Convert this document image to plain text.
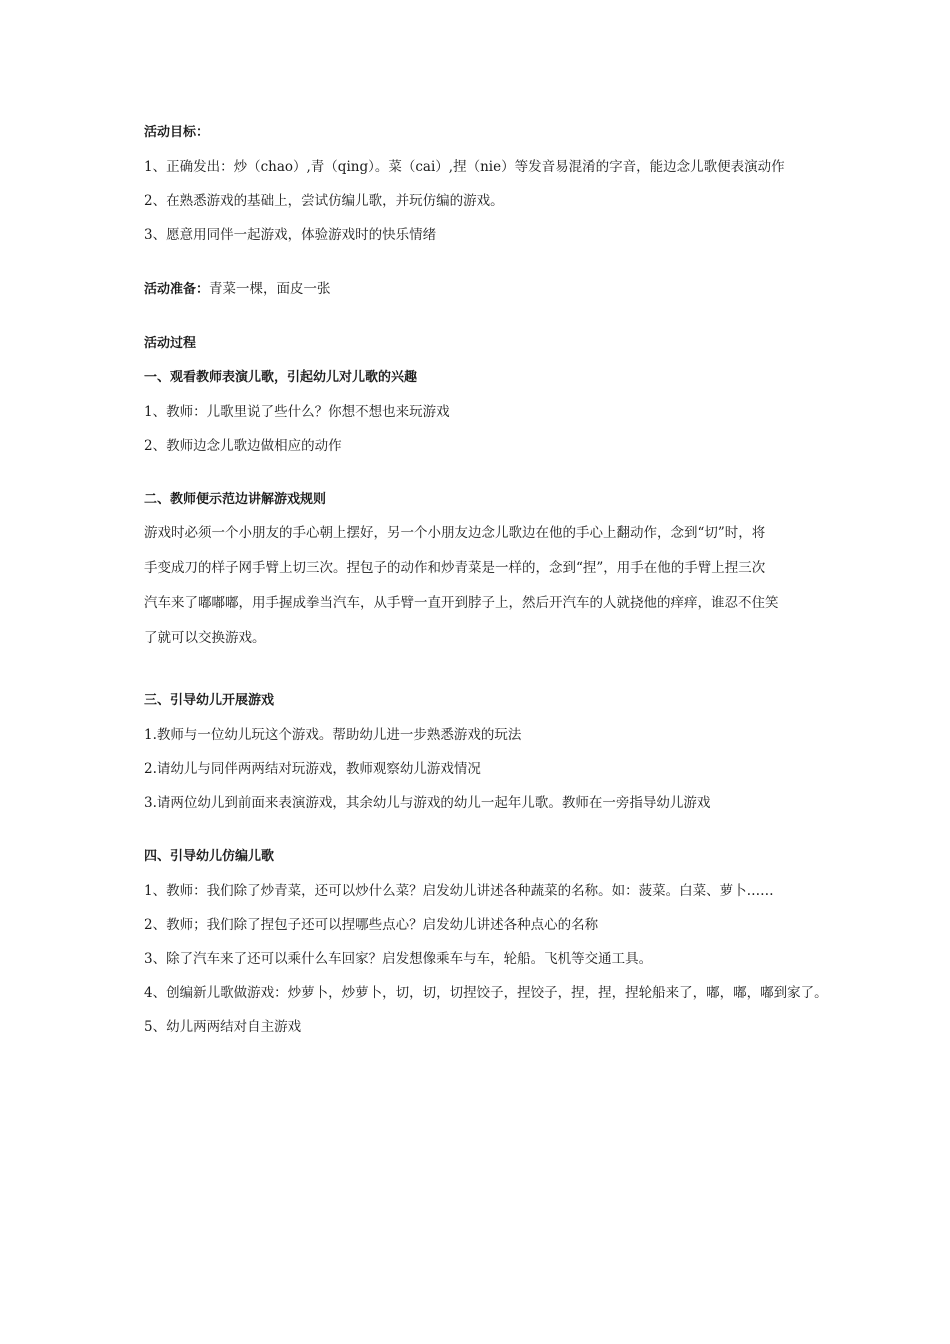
活动目标：

1、正确发出：炒（chao）,青（qing）。菜（cai）,捏（nie）等发音易混淆的字音，能边念儿歌便表演动作

2、在熟悉游戏的基础上，尝试仿编儿歌，并玩仿编的游戏。

3、愿意用同伴一起游戏，体验游戏时的快乐情绪

活动准备：青菜一棵，面皮一张

活动过程

一、观看教师表演儿歌，引起幼儿对儿歌的兴趣

1、教师：儿歌里说了些什么？你想不想也来玩游戏

2、教师边念儿歌边做相应的动作

二、教师便示范边讲解游戏规则

游戏时必须一个小朋友的手心朝上摆好，另一个小朋友边念儿歌边在他的手心上翻动作，念到“切”时，将

手变成刀的样子网手臂上切三次。捏包子的动作和炒青菜是一样的，念到“捏”，用手在他的手臂上捏三次

汽车来了嘟嘟嘟，用手握成拳当汽车，从手臂一直开到脖子上，然后开汽车的人就挠他的痒痒，谁忍不住笑

了就可以交换游戏。

三、引导幼儿开展游戏

1.教师与一位幼儿玩这个游戏。帮助幼儿进一步熟悉游戏的玩法

2.请幼儿与同伴两两结对玩游戏，教师观察幼儿游戏情况

3.请两位幼儿到前面来表演游戏，其余幼儿与游戏的幼儿一起年儿歌。教师在一旁指导幼儿游戏

四、引导幼儿仿编儿歌

1、教师：我们除了炒青菜，还可以炒什么菜？启发幼儿讲述各种蔬菜的名称。如：菠菜。白菜、萝卜……

2、教师；我们除了捏包子还可以捏哪些点心？启发幼儿讲述各种点心的名称

3、除了汽车来了还可以乘什么车回家？启发想像乘车与车，轮船。飞机等交通工具。

4、创编新儿歌做游戏：炒萝卜，炒萝卜，切，切，切捏饺子，捏饺子，捏，捏，捏轮船来了，嘟，嘟，嘟到家了。

5、幼儿两两结对自主游戏
